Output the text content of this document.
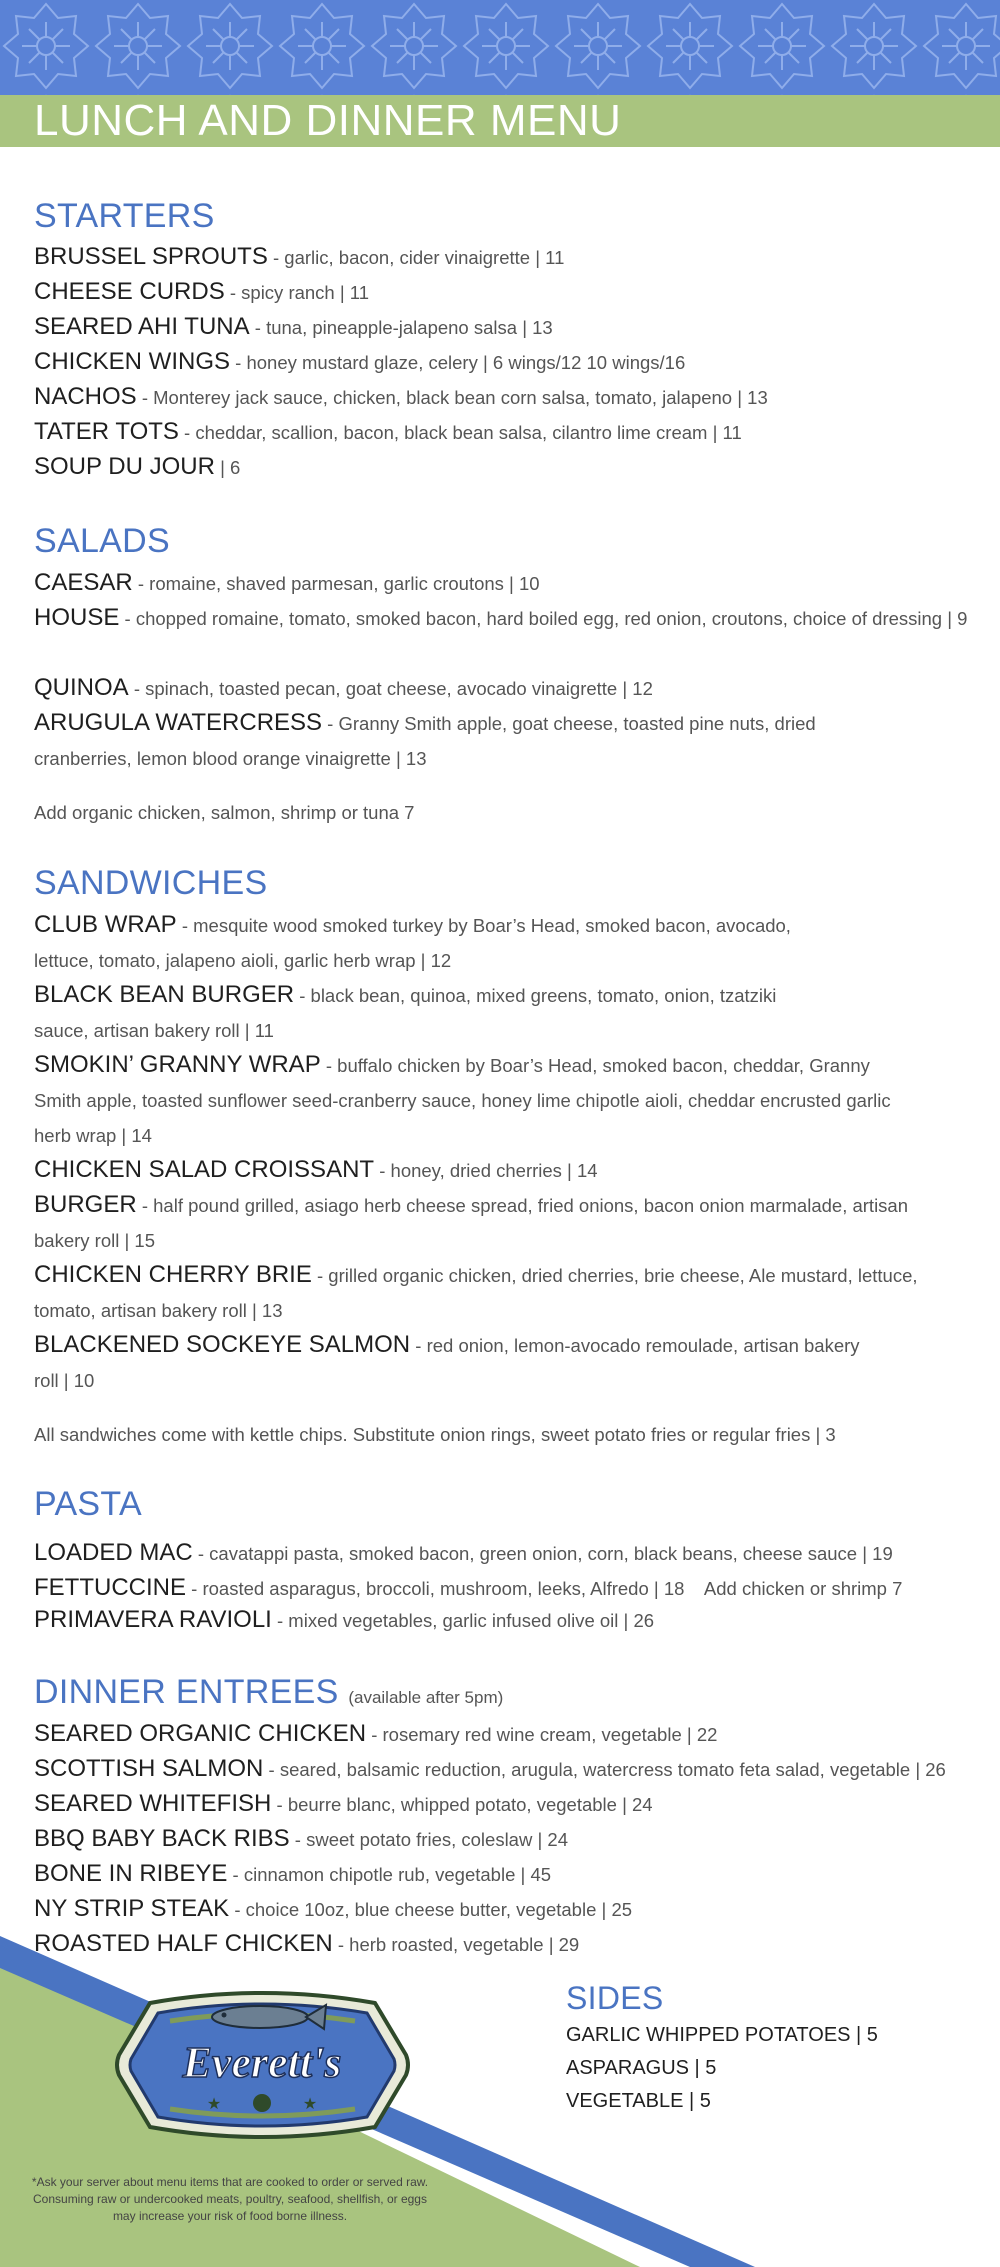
LUNCH AND DINNER MENU
STARTERS
BRUSSEL SPROUTS - garlic, bacon, cider vinaigrette | 11
CHEESE CURDS - spicy ranch | 11
SEARED AHI TUNA - tuna, pineapple-jalapeno salsa | 13
CHICKEN WINGS - honey mustard glaze, celery | 6 wings/12 10 wings/16
NACHOS - Monterey jack sauce, chicken, black bean corn salsa, tomato, jalapeno | 13
TATER TOTS - cheddar, scallion, bacon, black bean salsa, cilantro lime cream | 11
SOUP DU JOUR | 6
SALADS
CAESAR - romaine, shaved parmesan, garlic croutons | 10
HOUSE - chopped romaine, tomato, smoked bacon, hard boiled egg, red onion, croutons, choice of dressing | 9
QUINOA - spinach, toasted pecan, goat cheese, avocado vinaigrette | 12
ARUGULA WATERCRESS - Granny Smith apple, goat cheese, toasted pine nuts, dried cranberries, lemon blood orange vinaigrette | 13
Add organic chicken, salmon, shrimp or tuna 7
SANDWICHES
CLUB WRAP - mesquite wood smoked turkey by Boar’s Head, smoked bacon, avocado, lettuce, tomato, jalapeno aioli, garlic herb wrap | 12
BLACK BEAN BURGER - black bean, quinoa, mixed greens, tomato, onion, tzatziki sauce, artisan bakery roll | 11
SMOKIN’ GRANNY WRAP - buffalo chicken by Boar’s Head, smoked bacon, cheddar, Granny Smith apple, toasted sunflower seed-cranberry sauce, honey lime chipotle aioli, cheddar encrusted garlic herb wrap | 14
CHICKEN SALAD CROISSANT - honey, dried cherries | 14
BURGER - half pound grilled, asiago herb cheese spread, fried onions, bacon onion marmalade, artisan bakery roll | 15
CHICKEN CHERRY BRIE - grilled organic chicken, dried cherries, brie cheese, Ale mustard, lettuce, tomato, artisan bakery roll | 13
BLACKENED SOCKEYE SALMON - red onion, lemon-avocado remoulade, artisan bakery roll | 10
All sandwiches come with kettle chips. Substitute onion rings, sweet potato fries or regular fries | 3
PASTA
LOADED MAC - cavatappi pasta, smoked bacon, green onion, corn, black beans, cheese sauce | 19
FETTUCCINE - roasted asparagus, broccoli, mushroom, leeks, Alfredo | 18    Add chicken or shrimp 7
PRIMAVERA RAVIOLI - mixed vegetables, garlic infused olive oil | 26
DINNER ENTREES (available after 5pm)
SEARED ORGANIC CHICKEN - rosemary red wine cream, vegetable | 22
SCOTTISH SALMON - seared, balsamic reduction, arugula, watercress tomato feta salad, vegetable | 26
SEARED WHITEFISH - beurre blanc, whipped potato, vegetable | 24
BBQ BABY BACK RIBS - sweet potato fries, coleslaw | 24
BONE IN RIBEYE - cinnamon chipotle rub, vegetable | 45
NY STRIP STEAK - choice 10oz, blue cheese butter, vegetable | 25
ROASTED HALF CHICKEN - herb roasted, vegetable | 29
SIDES
GARLIC WHIPPED POTATOES | 5
ASPARAGUS | 5
VEGETABLE | 5
Everett's
★	★
*Ask your server about menu items that are cooked to order or served raw. Consuming raw or undercooked meats, poultry, seafood, shellfish, or eggs may increase your risk of food borne illness.
